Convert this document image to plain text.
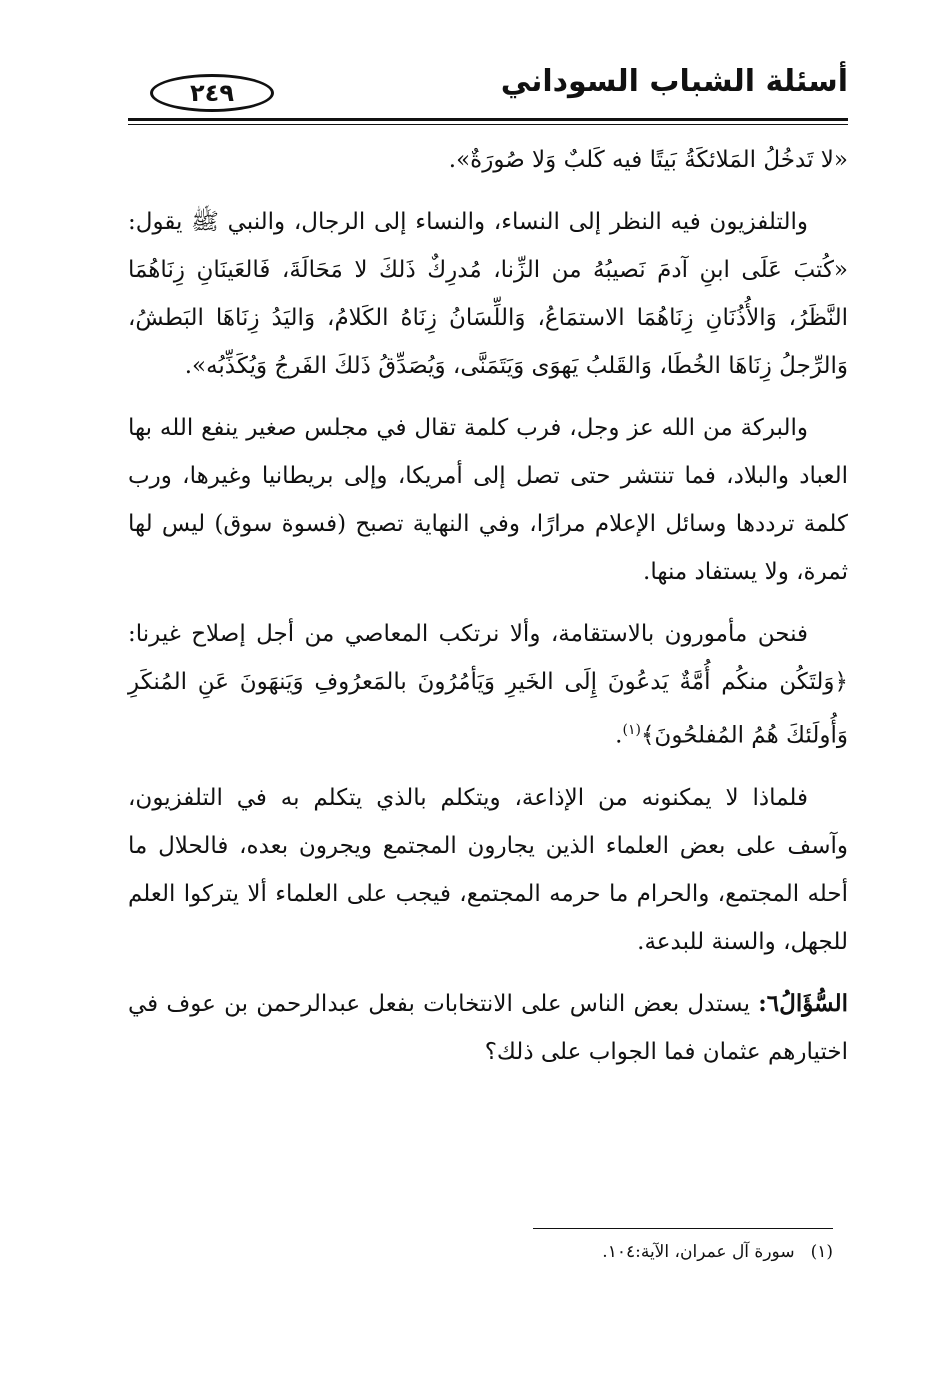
أسئلة الشباب السوداني
٢٤٩

«لا تَدخُلُ المَلائكَةُ بَيتًا فيه كَلبٌ وَلا صُورَةٌ».

والتلفزيون فيه النظر إلى النساء، والنساء إلى الرجال، والنبي ﷺ يقول: «كُتبَ عَلَى ابنِ آدمَ نَصيبُهُ من الزِّنا، مُدرِكٌ ذَلكَ لا مَحَالَةَ، فَالعَينَانِ زِنَاهُمَا النَّظَرُ، وَالأُذُنَانِ زِنَاهُمَا الاستمَاعُ، وَاللِّسَانُ زِنَاهُ الكَلامُ، وَاليَدُ زِنَاهَا البَطشُ، وَالرِّجلُ زِنَاهَا الخُطَا، وَالقَلبُ يَهوَى وَيَتَمَنَّى، وَيُصَدِّقُ ذَلكَ الفَرجُ وَيُكَذِّبُه».

والبركة من الله عز وجل، فرب كلمة تقال في مجلس صغير ينفع الله بها العباد والبلاد، فما تنتشر حتى تصل إلى أمريكا، وإلى بريطانيا وغيرها، ورب كلمة ترددها وسائل الإعلام مرارًا، وفي النهاية تصبح (فسوة سوق) ليس لها ثمرة، ولا يستفاد منها.

فنحن مأمورون بالاستقامة، وألا نرتكب المعاصي من أجل إصلاح غيرنا: ﴿وَلتَكُن منكُم أُمَّةٌ يَدعُونَ إِلَى الخَيرِ وَيَأمُرُونَ بالمَعرُوفِ وَيَنهَونَ عَنِ المُنكَرِ وَأُولَئكَ هُمُ المُفلحُونَ﴾$^{(١)}$.

فلماذا لا يمكنونه من الإذاعة، ويتكلم بالذي يتكلم به في التلفزيون، وآسف على بعض العلماء الذين يجارون المجتمع ويجرون بعده، فالحلال ما أحله المجتمع، والحرام ما حرمه المجتمع، فيجب على العلماء ألا يتركوا العلم للجهل، والسنة للبدعة.

السُّؤَالُ٦: يستدل بعض الناس على الانتخابات بفعل عبدالرحمن بن عوف في اختيارهم عثمان فما الجواب على ذلك؟

(١)سورة آل عمران، الآية:١٠٤.
